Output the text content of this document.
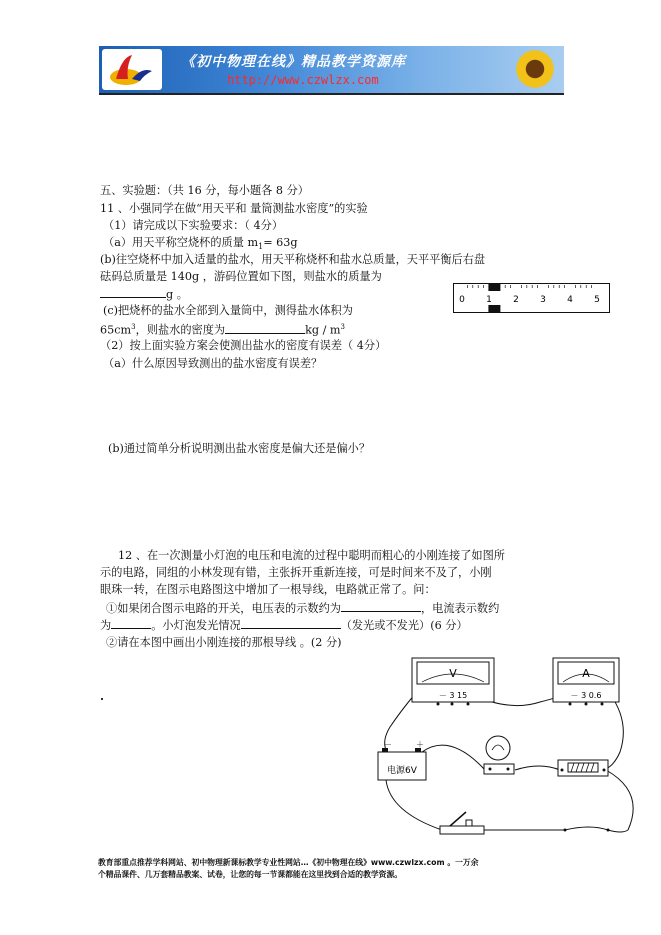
《初中物理在线》精品教学资源库
http://www.czwlzx.com
五、实验题：（共 16 分，每小题各 8 分）
11 、小强同学在做“用天平和 量筒测盐水密度”的实验
（1）请完成以下实验要求：（ 4分）
（a）用天平称空烧杯的质量 $m_1= 63g$
(b)往空烧杯中加入适量的盐水，用天平称烧杯和盐水总质量，天平平衡后右盘
砝码总质量是 140g ，游码位置如下图，则盐水的质量为
g 。
(c)把烧杯的盐水全部到入量筒中，测得盐水体积为
$65cm^3$，则盐水的密度为	kg / $m^3$
（2）按上面实验方案会使测出盐水的密度有误差（ 4分）
（a）什么原因导致测出的盐水密度有误差？
(b)通过简单分析说明测出盐水密度是偏大还是偏小？
0 1 2 3 4 5
12 、在一次测量小灯泡的电压和电流的过程中聪明而粗心的小刚连接了如图所
示的电路，同组的小林发现有错，主张拆开重新连接，可是时间来不及了，小刚
眼珠一转，在图示电路图这中增加了一根导线，电路就正常了。问：
①如果闭合图示电路的开关，电压表的示数约为	，电流表示数约
为	。小灯泡发光情况	（发光或不发光）(6 分）
②请在本图中画出小刚连接的那根导线 。(2 分)
V
－ 3 15
A
－ 3 0.6
－	＋
电源6V
教育部重点推荐学科网站、初中物理新课标教学专业性网站…《初中物理在线》www.czwlzx.com 。一万余
个精品课件、几万套精品教案、试卷，让您的每一节课都能在这里找到合适的教学资源。
